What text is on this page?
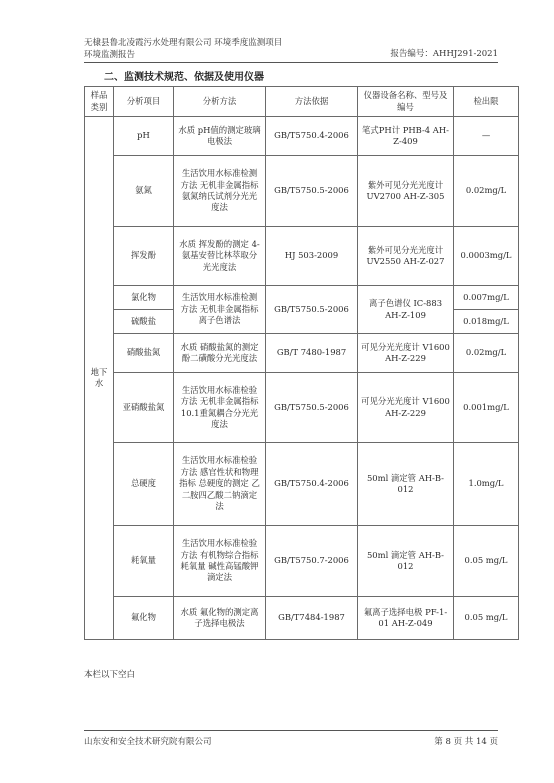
无棣县鲁北凌霞污水处理有限公司 环境季度监测项目
环境监测报告	报告编号：AHHJ291-2021
二、监测技术规范、依据及使用仪器
样品类别	分析项目	分析方法	方法依据	仪器设备名称、型号及编号	检出限
地下水	pH	水质 pH值的测定玻璃电极法	GB/T5750.4-2006	笔式PH计 PHB-4 AH-Z-409	—
	氨氮	生活饮用水标准检测方法 无机非金属指标 氨氮纳氏试剂分光光度法	GB/T5750.5-2006	紫外可见分光光度计 UV2700 AH-Z-305	0.02mg/L
	挥发酚	水质 挥发酚的测定 4-氨基安替比林萃取分光光度法	HJ 503-2009	紫外可见分光光度计 UV2550 AH-Z-027	0.0003mg/L
	氯化物	生活饮用水标准检测方法 无机非金属指标 离子色谱法	GB/T5750.5-2006	离子色谱仪 IC-883 AH-Z-109	0.007mg/L
	硫酸盐				0.018mg/L
	硝酸盐氮	水质 硝酸盐氮的测定 酚二磺酸分光光度法	GB/T 7480-1987	可见分光光度计 V1600 AH-Z-229	0.02mg/L
	亚硝酸盐氮	生活饮用水标准检验方法 无机非金属指标 10.1重氮耦合分光光度法	GB/T5750.5-2006	可见分光光度计 V1600 AH-Z-229	0.001mg/L
	总硬度	生活饮用水标准检验方法 感官性状和物理指标 总硬度的测定 乙二胺四乙酸二钠滴定法	GB/T5750.4-2006	50ml 滴定管 AH-B-012	1.0mg/L
	耗氧量	生活饮用水标准检验方法 有机物综合指标 耗氧量 碱性高锰酸钾滴定法	GB/T5750.7-2006	50ml 滴定管 AH-B-012	0.05 mg/L
	氟化物	水质 氟化物的测定离子选择电极法	GB/T7484-1987	氟离子选择电极 PF-1-01 AH-Z-049	0.05 mg/L
本栏以下空白
山东安和安全技术研究院有限公司	第 8 页 共 14 页
